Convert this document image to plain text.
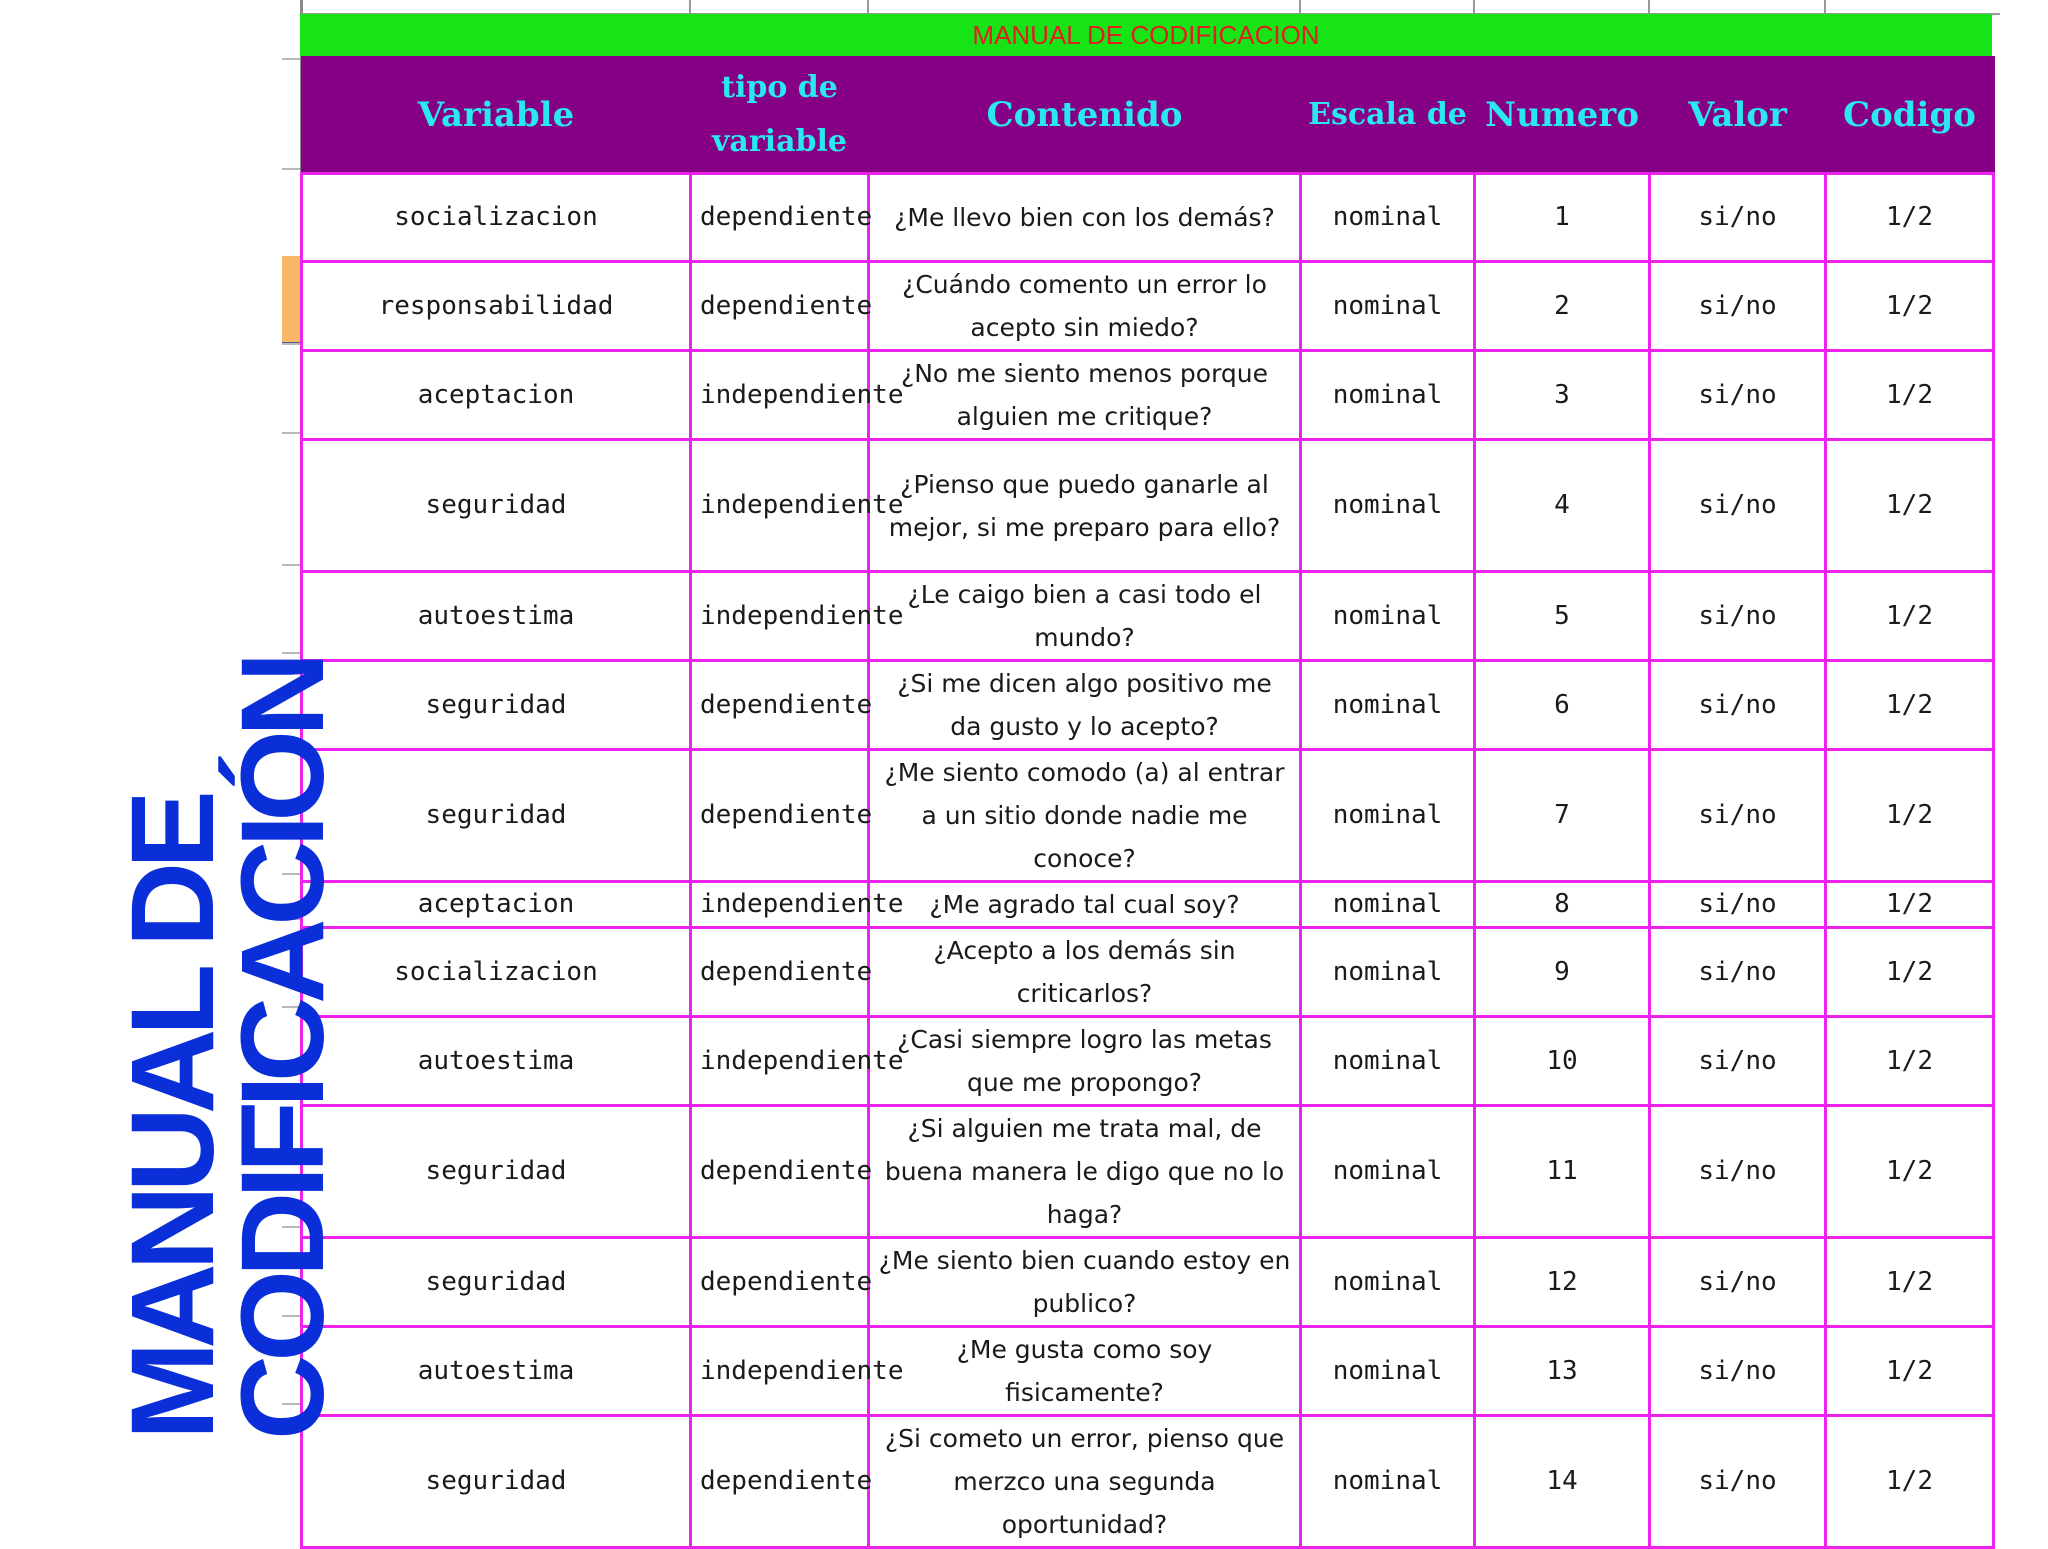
MANUAL DE CODIFICACION
Variable	tipo de variable	Contenido	Escala de	Numero	Valor	Codigo
socializacion	dependiente	¿Me llevo bien con los demás?	nominal	1	si/no	1/2
responsabilidad	dependiente	¿Cuándo comento un error lo acepto sin miedo?	nominal	2	si/no	1/2
aceptacion	independiente	¿No me siento menos porque alguien me critique?	nominal	3	si/no	1/2
seguridad	independiente	¿Pienso que puedo ganarle al mejor, si me preparo para ello?	nominal	4	si/no	1/2
autoestima	independiente	¿Le caigo bien a casi todo el mundo?	nominal	5	si/no	1/2
seguridad	dependiente	¿Si me dicen algo positivo me da gusto y lo acepto?	nominal	6	si/no	1/2
seguridad	dependiente	¿Me siento comodo (a) al entrar a un sitio donde nadie me conoce?	nominal	7	si/no	1/2
aceptacion	independiente	¿Me agrado tal cual soy?	nominal	8	si/no	1/2
socializacion	dependiente	¿Acepto a los demás sin criticarlos?	nominal	9	si/no	1/2
autoestima	independiente	¿Casi siempre logro las metas que me propongo?	nominal	10	si/no	1/2
seguridad	dependiente	¿Si alguien me trata mal, de buena manera le digo que no lo haga?	nominal	11	si/no	1/2
seguridad	dependiente	¿Me siento bien cuando estoy en publico?	nominal	12	si/no	1/2
autoestima	independiente	¿Me gusta como soy fisicamente?	nominal	13	si/no	1/2
seguridad	dependiente	¿Si cometo un error, pienso que merzco una segunda oportunidad?	nominal	14	si/no	1/2
MANUAL DE
CODIFICACIÓN
